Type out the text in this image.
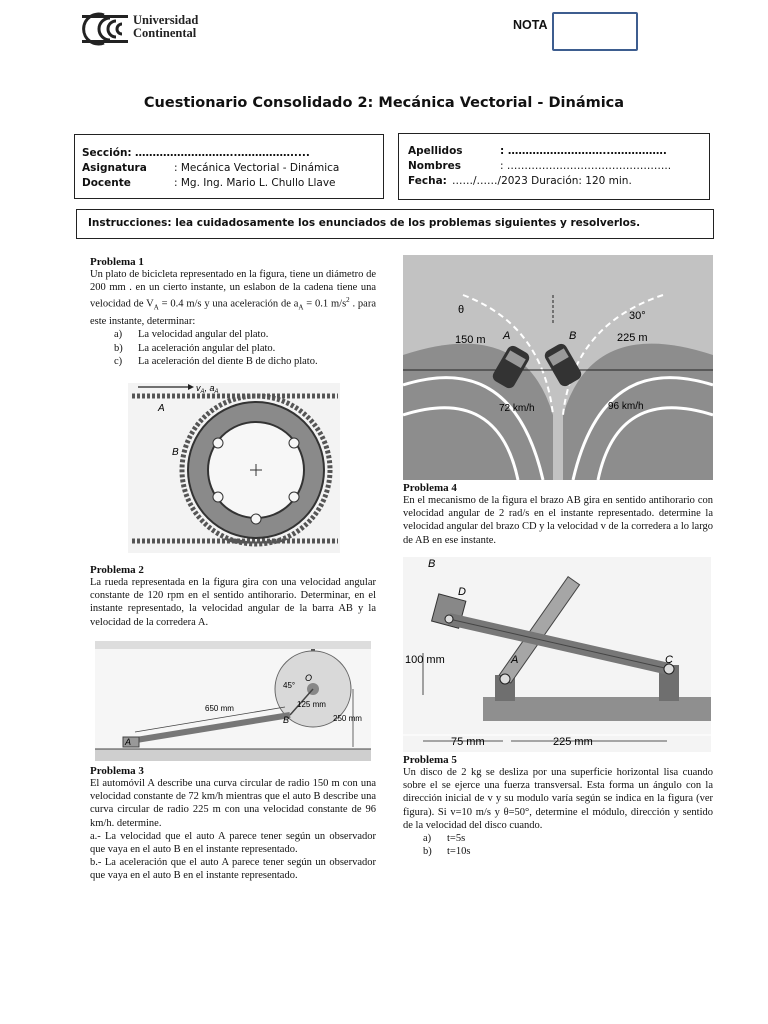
Universidad
Continental
NOTA
Cuestionario Consolidado 2: Mecánica Vectorial - Dinámica
Sección: ………………………..…………….....
Asignatura	: Mecánica Vectorial - Dinámica
Docente	: Mg. Ing. Mario L. Chullo Llave
Apellidos	: ………………………..…………….
Nombres	: ………………………………………..
Fecha: ……/……/2023 Duración: 120 min.
Instrucciones: lea cuidadosamente los enunciados de los problemas siguientes y resolverlos.
Problema 1
Un plato de bicicleta representado en la figura, tiene un diámetro de 200 mm . en un cierto instante, un eslabon de la cadena tiene una velocidad de $V_A = 0.4$ m/s y una aceleración de $a_A = 0.1$ $m/s^2$ . para este instante, determinar:
a)	La velocidad angular del plato.
b)	La aceleración angular del plato.
c)	La aceleración del diente B de dicho plato.
$v_A$, $a_A$
A
B
Problema 2
La rueda representada en la figura gira con una velocidad angular constante de 120 rpm en el sentido antihorario. Determinar, en el instante representado, la velocidad angular de la barra AB y la velocidad de la corredera A.
650 mm	125 mm
250 mm
45°
O
B
A
Problema 3
El automóvil A describe una curva circular de radio 150 m con una velocidad constante de 72 km/h mientras que el auto B describe una curva circular de radio 225 m con una velocidad constante de 96 km/h. determine.
a.- La velocidad que el auto A parece tener según un observador que vaya en el auto B en el instante representado.
b.- La aceleración que el auto A parece tener según un observador que vaya en el auto B en el instante representado.
θ	30°
150 m	225 m
A	B
72 km/h	96 km/h
Problema 4
En el mecanismo de la figura el brazo AB gira en sentido antihorario con velocidad angular de 2 rad/s en el instante representado. determine la velocidad angular del brazo CD y la velocidad v de la corredera a lo largo de AB en ese instante.
B
D
A	C
100 mm
75 mm	225 mm
Problema 5
Un disco de 2 kg se desliza por una superficie horizontal lisa cuando sobre el se ejerce una fuerza transversal. Esta forma un ángulo con la dirección inicial de v y su modulo varía según se indica en la figura (ver figura). Si v=10 m/s y θ=50°, determine el módulo, dirección y sentido de la velocidad del disco cuando.
a)	t=5s
b)	t=10s
